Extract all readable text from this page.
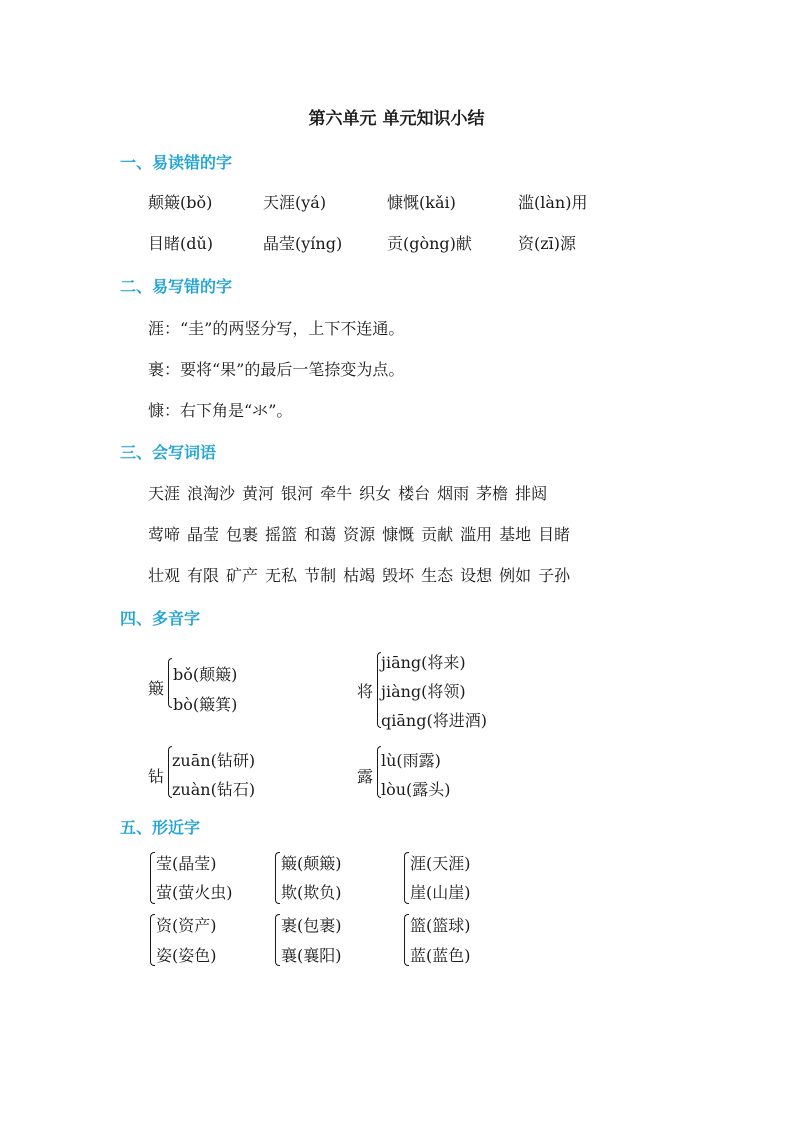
第六单元 单元知识小结
一、易读错的字
颠簸(bǒ)	天涯(yá)	慷慨(kǎi)	滥(làn)用
目睹(dǔ)	晶莹(yíng)	贡(gòng)献	资(zī)源
二、易写错的字
涯：“圭”的两竖分写，上下不连通。
裹：要将“果”的最后一笔捺变为点。
慷：右下角是“氺”。
三、会写词语
天涯 浪淘沙 黄河 银河 牵牛 织女 楼台 烟雨 茅檐 排闼
莺啼 晶莹 包裹 摇篮 和蔼 资源 慷慨 贡献 滥用 基地 目睹
壮观 有限 矿产 无私 节制 枯竭 毁坏 生态 设想 例如 子孙
四、多音字
簸
bǒ(颠簸)
bò(簸箕)
将
jiāng(将来)
jiàng(将领)
qiāng(将进酒)
钻
zuān(钻研)
zuàn(钻石)
露
lù(雨露)
lòu(露头)
五、形近字
莹(晶莹)
萤(萤火虫)
簸(颠簸)
欺(欺负)
涯(天涯)
崖(山崖)
资(资产)
姿(姿色)
裹(包裹)
襄(襄阳)
篮(篮球)
蓝(蓝色)
